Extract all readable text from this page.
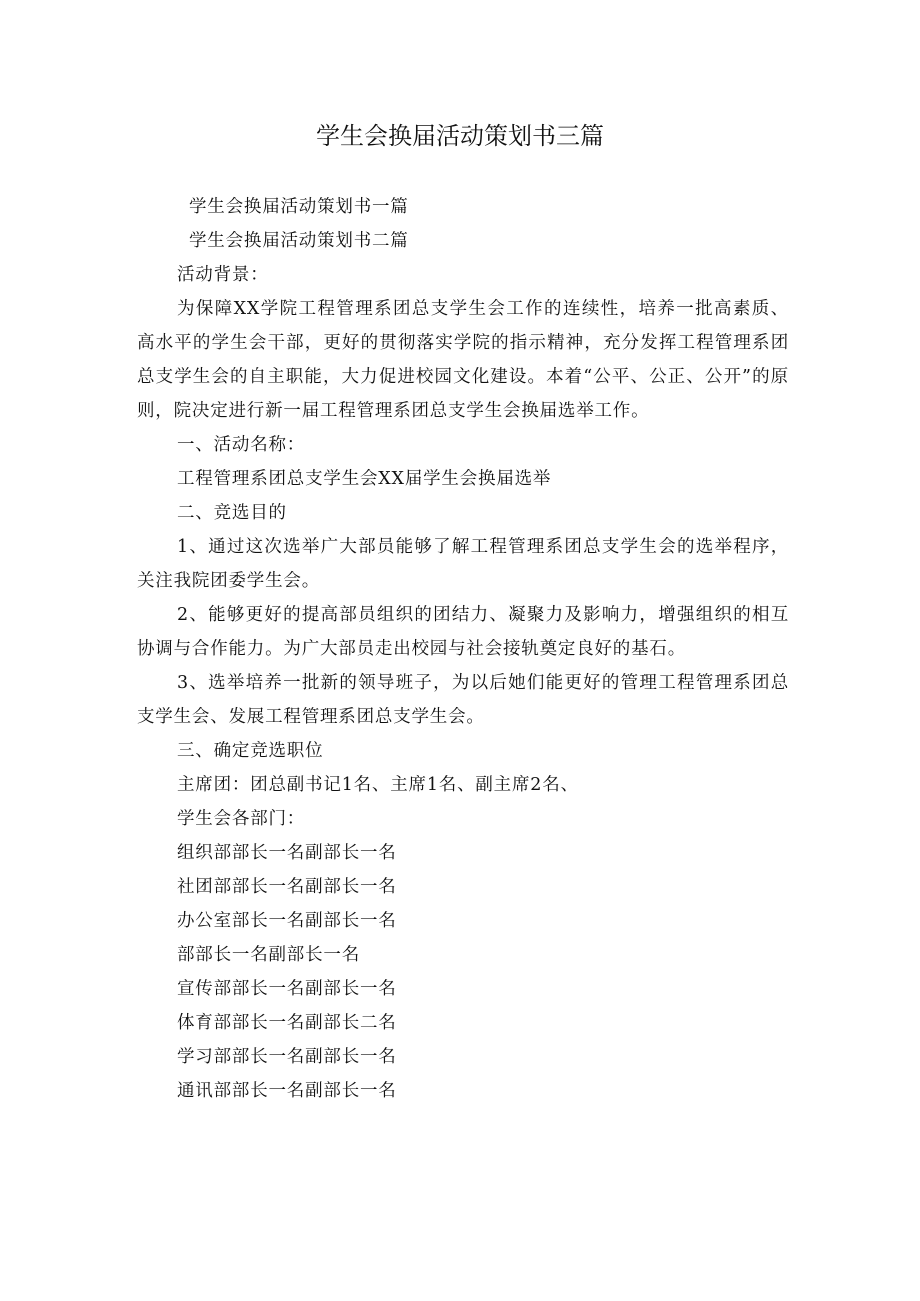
学生会换届活动策划书三篇
学生会换届活动策划书一篇
学生会换届活动策划书二篇
活动背景：

为保障XX学院工程管理系团总支学生会工作的连续性，培养一批高素质、高水平的学生会干部，更好的贯彻落实学院的指示精神，充分发挥工程管理系团总支学生会的自主职能，大力促进校园文化建设。本着“公平、公正、公开”的原则，院决定进行新一届工程管理系团总支学生会换届选举工作。

一、活动名称：
工程管理系团总支学生会XX届学生会换届选举
二、竞选目的

1、通过这次选举广大部员能够了解工程管理系团总支学生会的选举程序，关注我院团委学生会。

2、能够更好的提高部员组织的团结力、凝聚力及影响力，增强组织的相互协调与合作能力。为广大部员走出校园与社会接轨奠定良好的基石。

3、选举培养一批新的领导班子，为以后她们能更好的管理工程管理系团总支学生会、发展工程管理系团总支学生会。

三、确定竞选职位
主席团：团总副书记1名、主席1名、副主席2名、
学生会各部门：
组织部部长一名副部长一名
社团部部长一名副部长一名
办公室部长一名副部长一名
部部长一名副部长一名
宣传部部长一名副部长一名
体育部部长一名副部长二名
学习部部长一名副部长一名
通讯部部长一名副部长一名
